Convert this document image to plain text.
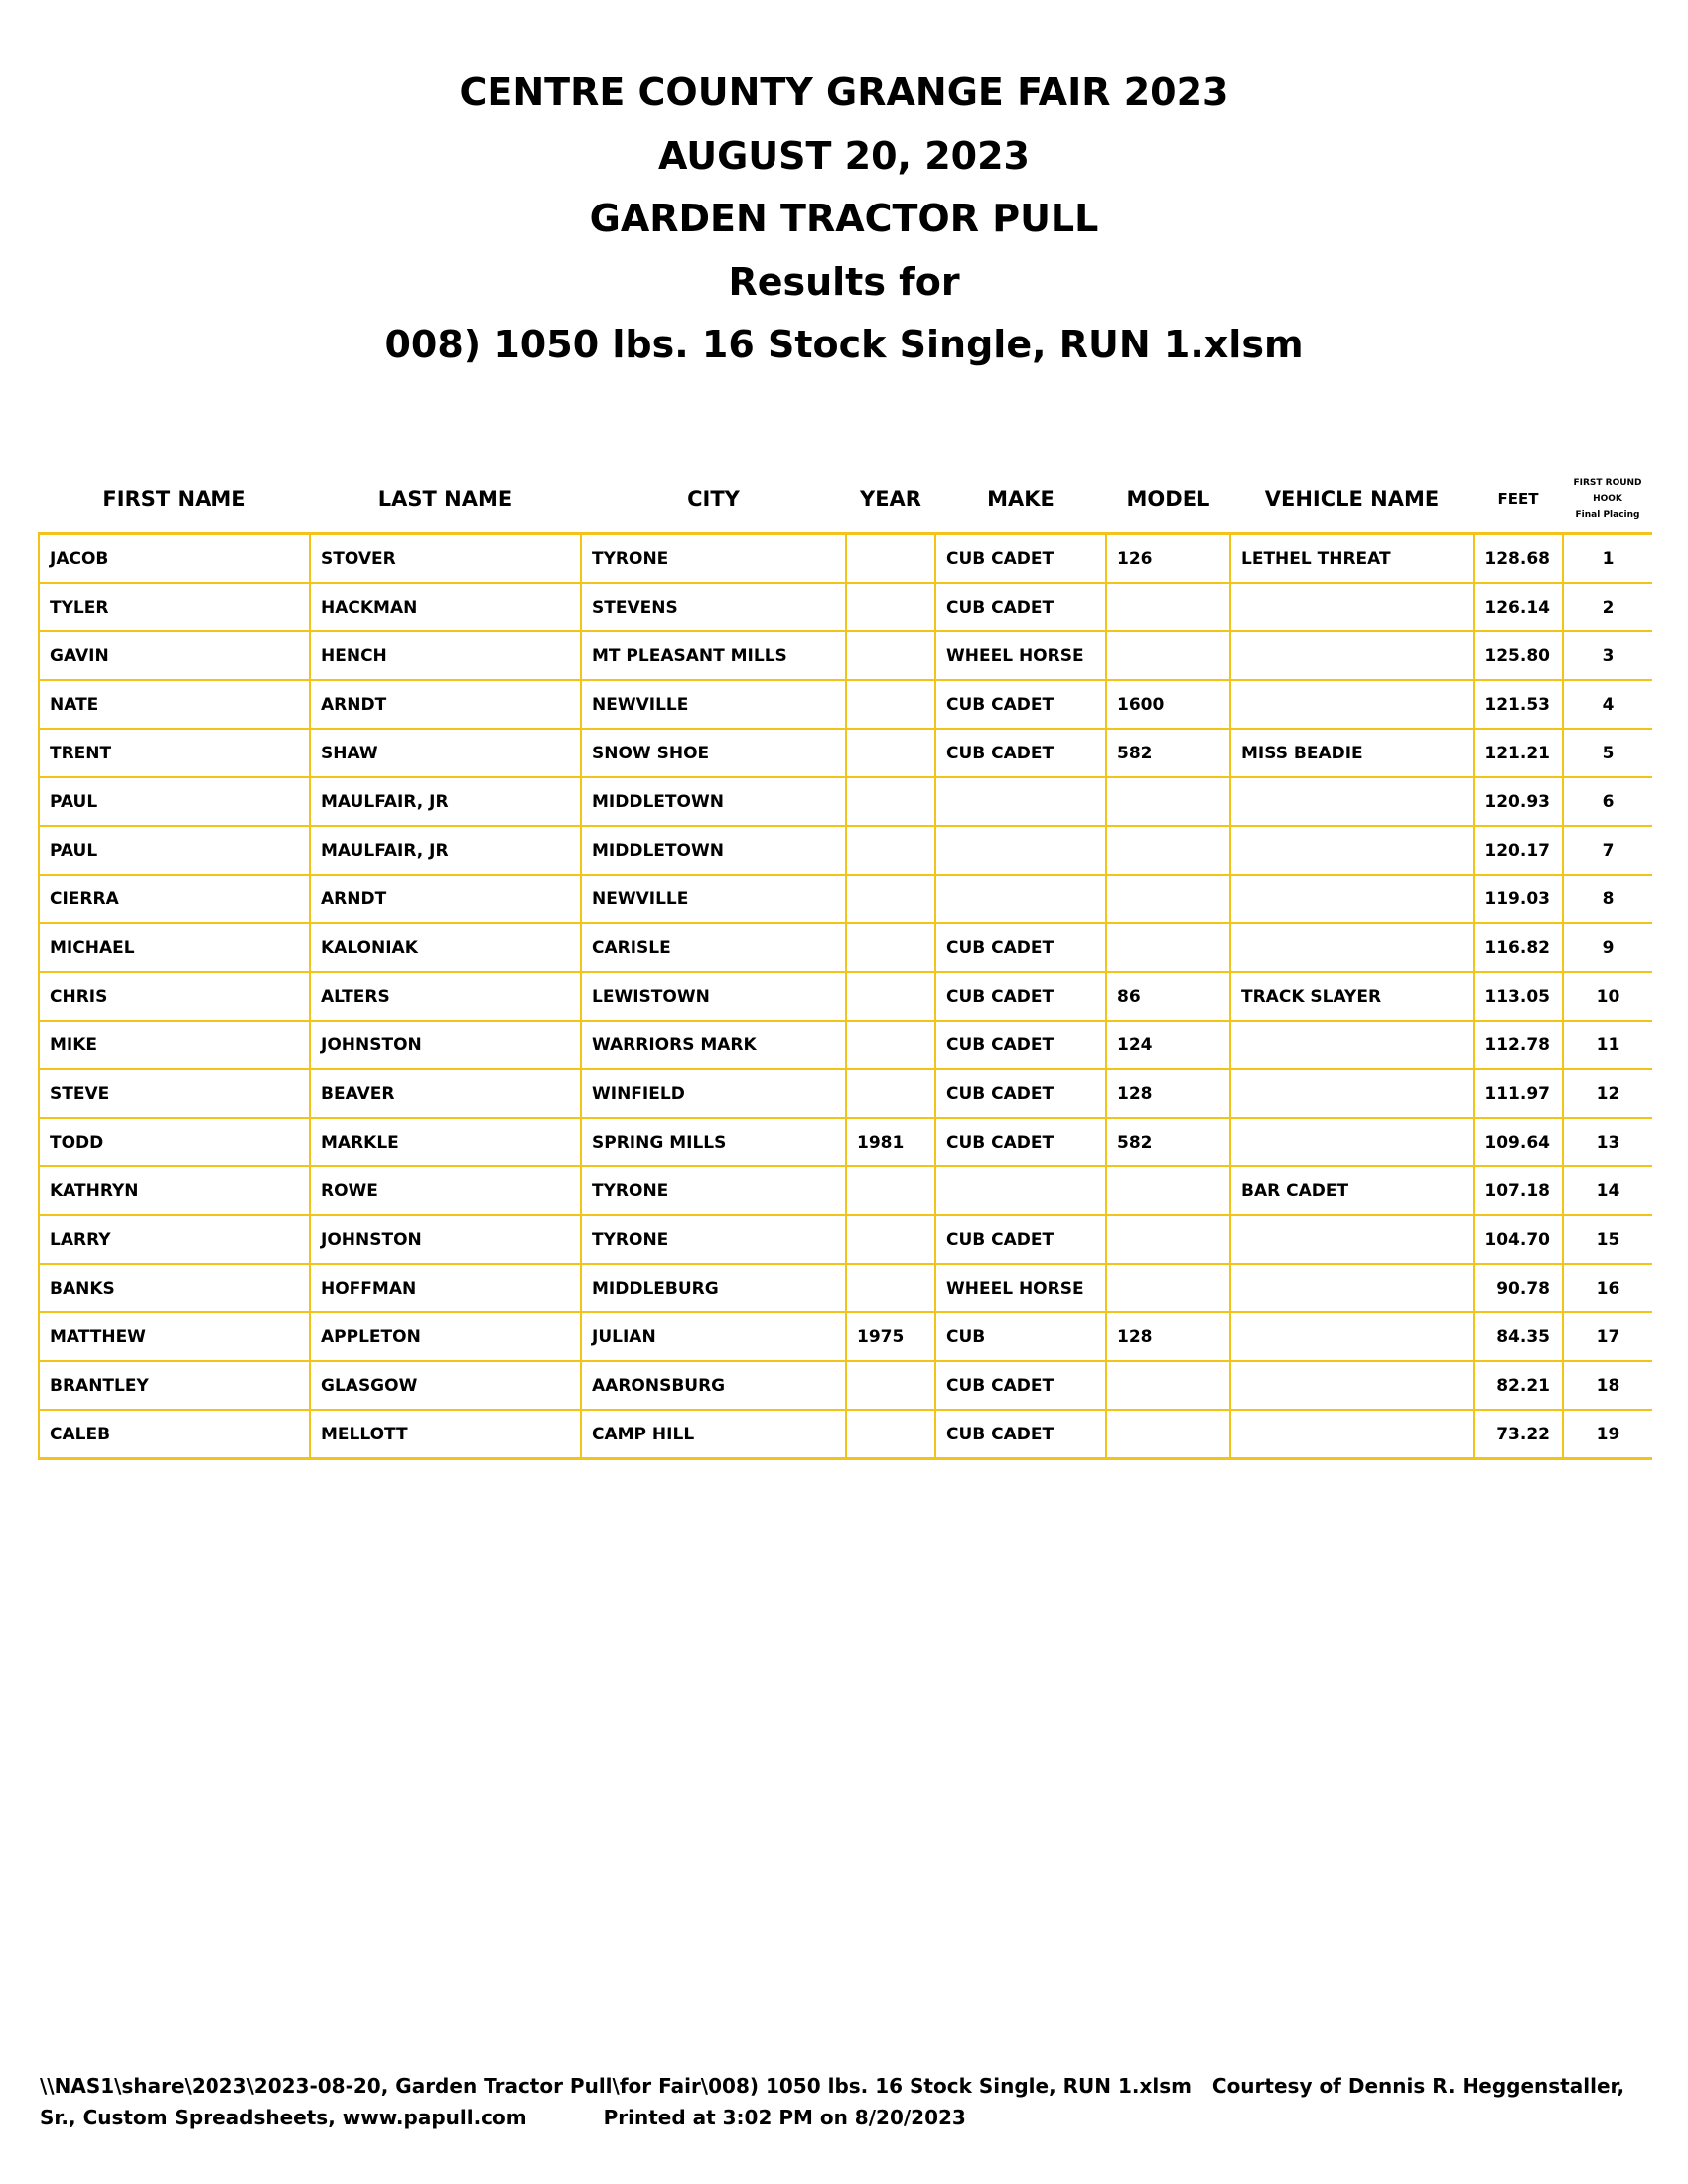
CENTRE COUNTY GRANGE FAIR 2023
AUGUST 20, 2023
GARDEN TRACTOR PULL
Results for
008) 1050 lbs. 16 Stock Single, RUN 1.xlsm
FIRST NAME	LAST NAME	CITY	YEAR	MAKE	MODEL	VEHICLE NAME	FEET	FIRST ROUND
HOOK
Final Placing

JACOB	STOVER	TYRONE		CUB CADET	126	LETHEL THREAT	128.68	1
TYLER	HACKMAN	STEVENS		CUB CADET			126.14	2
GAVIN	HENCH	MT PLEASANT MILLS		WHEEL HORSE			125.80	3
NATE	ARNDT	NEWVILLE		CUB CADET	1600		121.53	4
TRENT	SHAW	SNOW SHOE		CUB CADET	582	MISS BEADIE	121.21	5
PAUL	MAULFAIR, JR	MIDDLETOWN					120.93	6
PAUL	MAULFAIR, JR	MIDDLETOWN					120.17	7
CIERRA	ARNDT	NEWVILLE					119.03	8
MICHAEL	KALONIAK	CARISLE		CUB CADET			116.82	9
CHRIS	ALTERS	LEWISTOWN		CUB CADET	86	TRACK SLAYER	113.05	10
MIKE	JOHNSTON	WARRIORS MARK		CUB CADET	124		112.78	11
STEVE	BEAVER	WINFIELD		CUB CADET	128		111.97	12
TODD	MARKLE	SPRING MILLS	1981	CUB CADET	582		109.64	13
KATHRYN	ROWE	TYRONE				BAR CADET	107.18	14
LARRY	JOHNSTON	TYRONE		CUB CADET			104.70	15
BANKS	HOFFMAN	MIDDLEBURG		WHEEL HORSE			90.78	16
MATTHEW	APPLETON	JULIAN	1975	CUB	128		84.35	17
BRANTLEY	GLASGOW	AARONSBURG		CUB CADET			82.21	18
CALEB	MELLOTT	CAMP HILL		CUB CADET			73.22	19
\\NAS1\share\2023\2023-08-20, Garden Tractor Pull\for Fair\008) 1050 lbs. 16 Stock Single, RUN 1.xlsm Courtesy of Dennis R. Heggenstaller, Sr., Custom Spreadsheets, www.papull.com	Printed at 3:02 PM on 8/20/2023
